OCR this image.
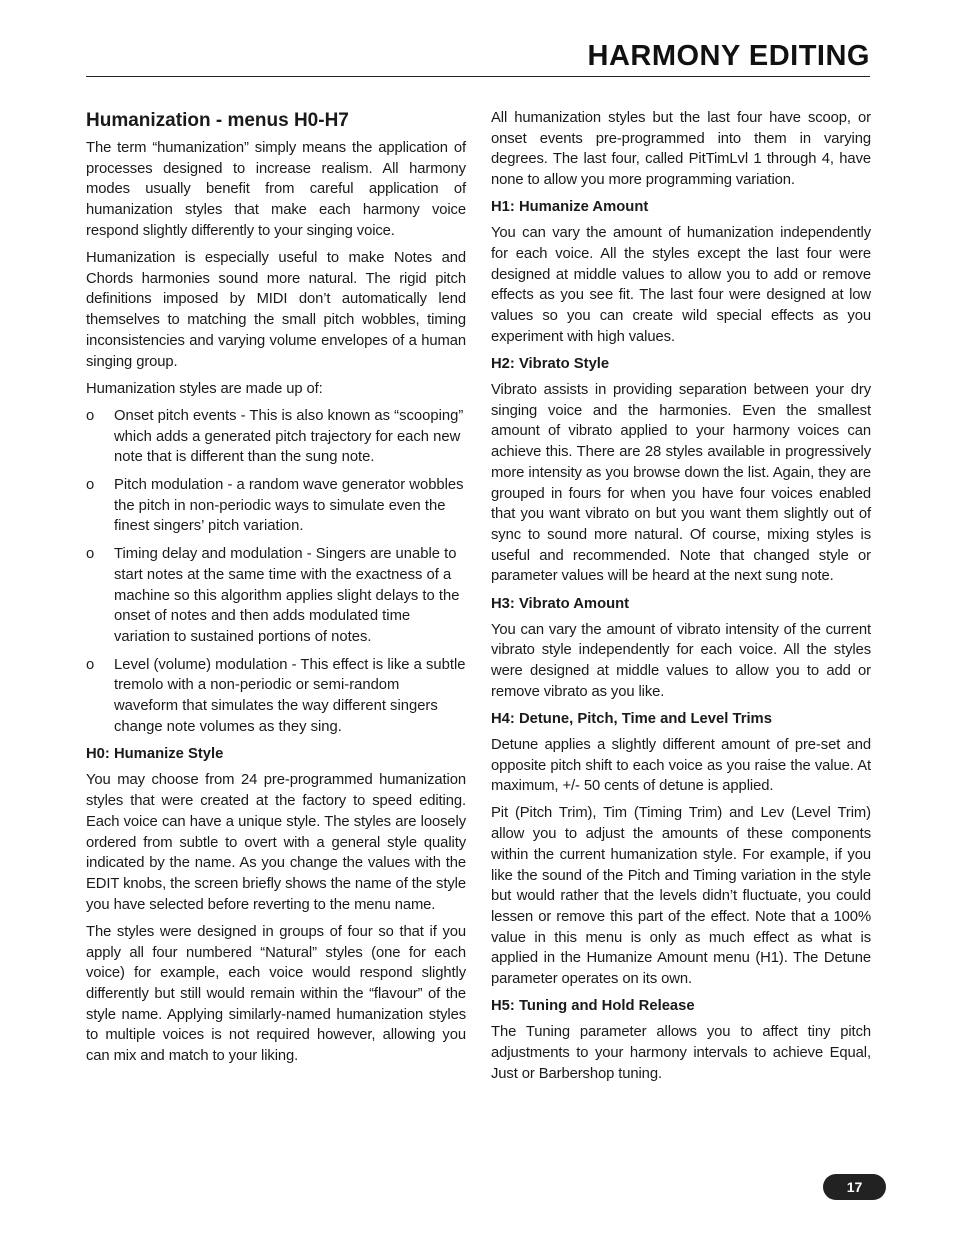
HARMONY EDITING
Humanization - menus H0-H7

The term “humanization” simply means the application of processes designed to increase realism. All harmony modes usually benefit from careful application of humanization styles that make each harmony voice respond slightly differently to your singing voice.

Humanization is especially useful to make Notes and Chords harmonies sound more natural. The rigid pitch definitions imposed by MIDI don’t automatically lend themselves to matching the small pitch wobbles, timing inconsistencies and varying volume envelopes of a human singing group.

Humanization styles are made up of:

o	Onset pitch events - This is also known as “scooping” which adds a generated pitch trajectory for each new note that is different than the sung note.
o	Pitch modulation - a random wave generator wobbles the pitch in non-periodic ways to simulate even the finest singers’ pitch variation.
o	Timing delay and modulation - Singers are unable to start notes at the same time with the exactness of a machine so this algorithm applies slight delays to the onset of notes and then adds modulated time variation to sustained portions of notes.
o	Level (volume) modulation - This effect is like a subtle tremolo with a non-periodic or semi-random waveform that simulates the way different singers change note volumes as they sing.
H0: Humanize Style

You may choose from 24 pre-programmed humanization styles that were created at the factory to speed editing. Each voice can have a unique style. The styles are loosely ordered from subtle to overt with a general style quality indicated by the name. As you change the values with the EDIT knobs, the screen briefly shows the name of the style you have selected before reverting to the menu name.

The styles were designed in groups of four so that if you apply all four numbered “Natural” styles (one for each voice) for example, each voice would respond slightly differently but still would remain within the “flavour” of the style name. Applying similarly-named humanization styles to multiple voices is not required however, allowing you can mix and match to your liking.

All humanization styles but the last four have scoop, or onset events pre-programmed into them in varying degrees. The last four, called PitTimLvl 1 through 4, have none to allow you more programming variation.

H1: Humanize Amount

You can vary the amount of humanization independently for each voice. All the styles except the last four were designed at middle values to allow you to add or remove effects as you see fit. The last four were designed at low values so you can create wild special effects as you experiment with high values.

H2: Vibrato Style

Vibrato assists in providing separation between your dry singing voice and the harmonies. Even the smallest amount of vibrato applied to your harmony voices can achieve this. There are 28 styles available in progressively more intensity as you browse down the list. Again, they are grouped in fours for when you have four voices enabled that you want vibrato on but you want them slightly out of sync to sound more natural. Of course, mixing styles is useful and recommended. Note that changed style or parameter values will be heard at the next sung note.

H3: Vibrato Amount

You can vary the amount of vibrato intensity of the current vibrato style independently for each voice. All the styles were designed at middle values to allow you to add or remove vibrato as you like.

H4: Detune, Pitch, Time and Level Trims

Detune applies a slightly different amount of pre-set and opposite pitch shift to each voice as you raise the value. At maximum, +/- 50 cents of detune is applied.

Pit (Pitch Trim), Tim (Timing Trim) and Lev (Level Trim) allow you to adjust the amounts of these components within the current humanization style. For example, if you like the sound of the Pitch and Timing variation in the style but would rather that the levels didn’t fluctuate, you could lessen or remove this part of the effect. Note that a 100% value in this menu is only as much effect as what is applied in the Humanize Amount menu (H1). The Detune parameter operates on its own.

H5: Tuning and Hold Release

The Tuning parameter allows you to affect tiny pitch adjustments to your harmony intervals to achieve Equal, Just or Barbershop tuning.

17
